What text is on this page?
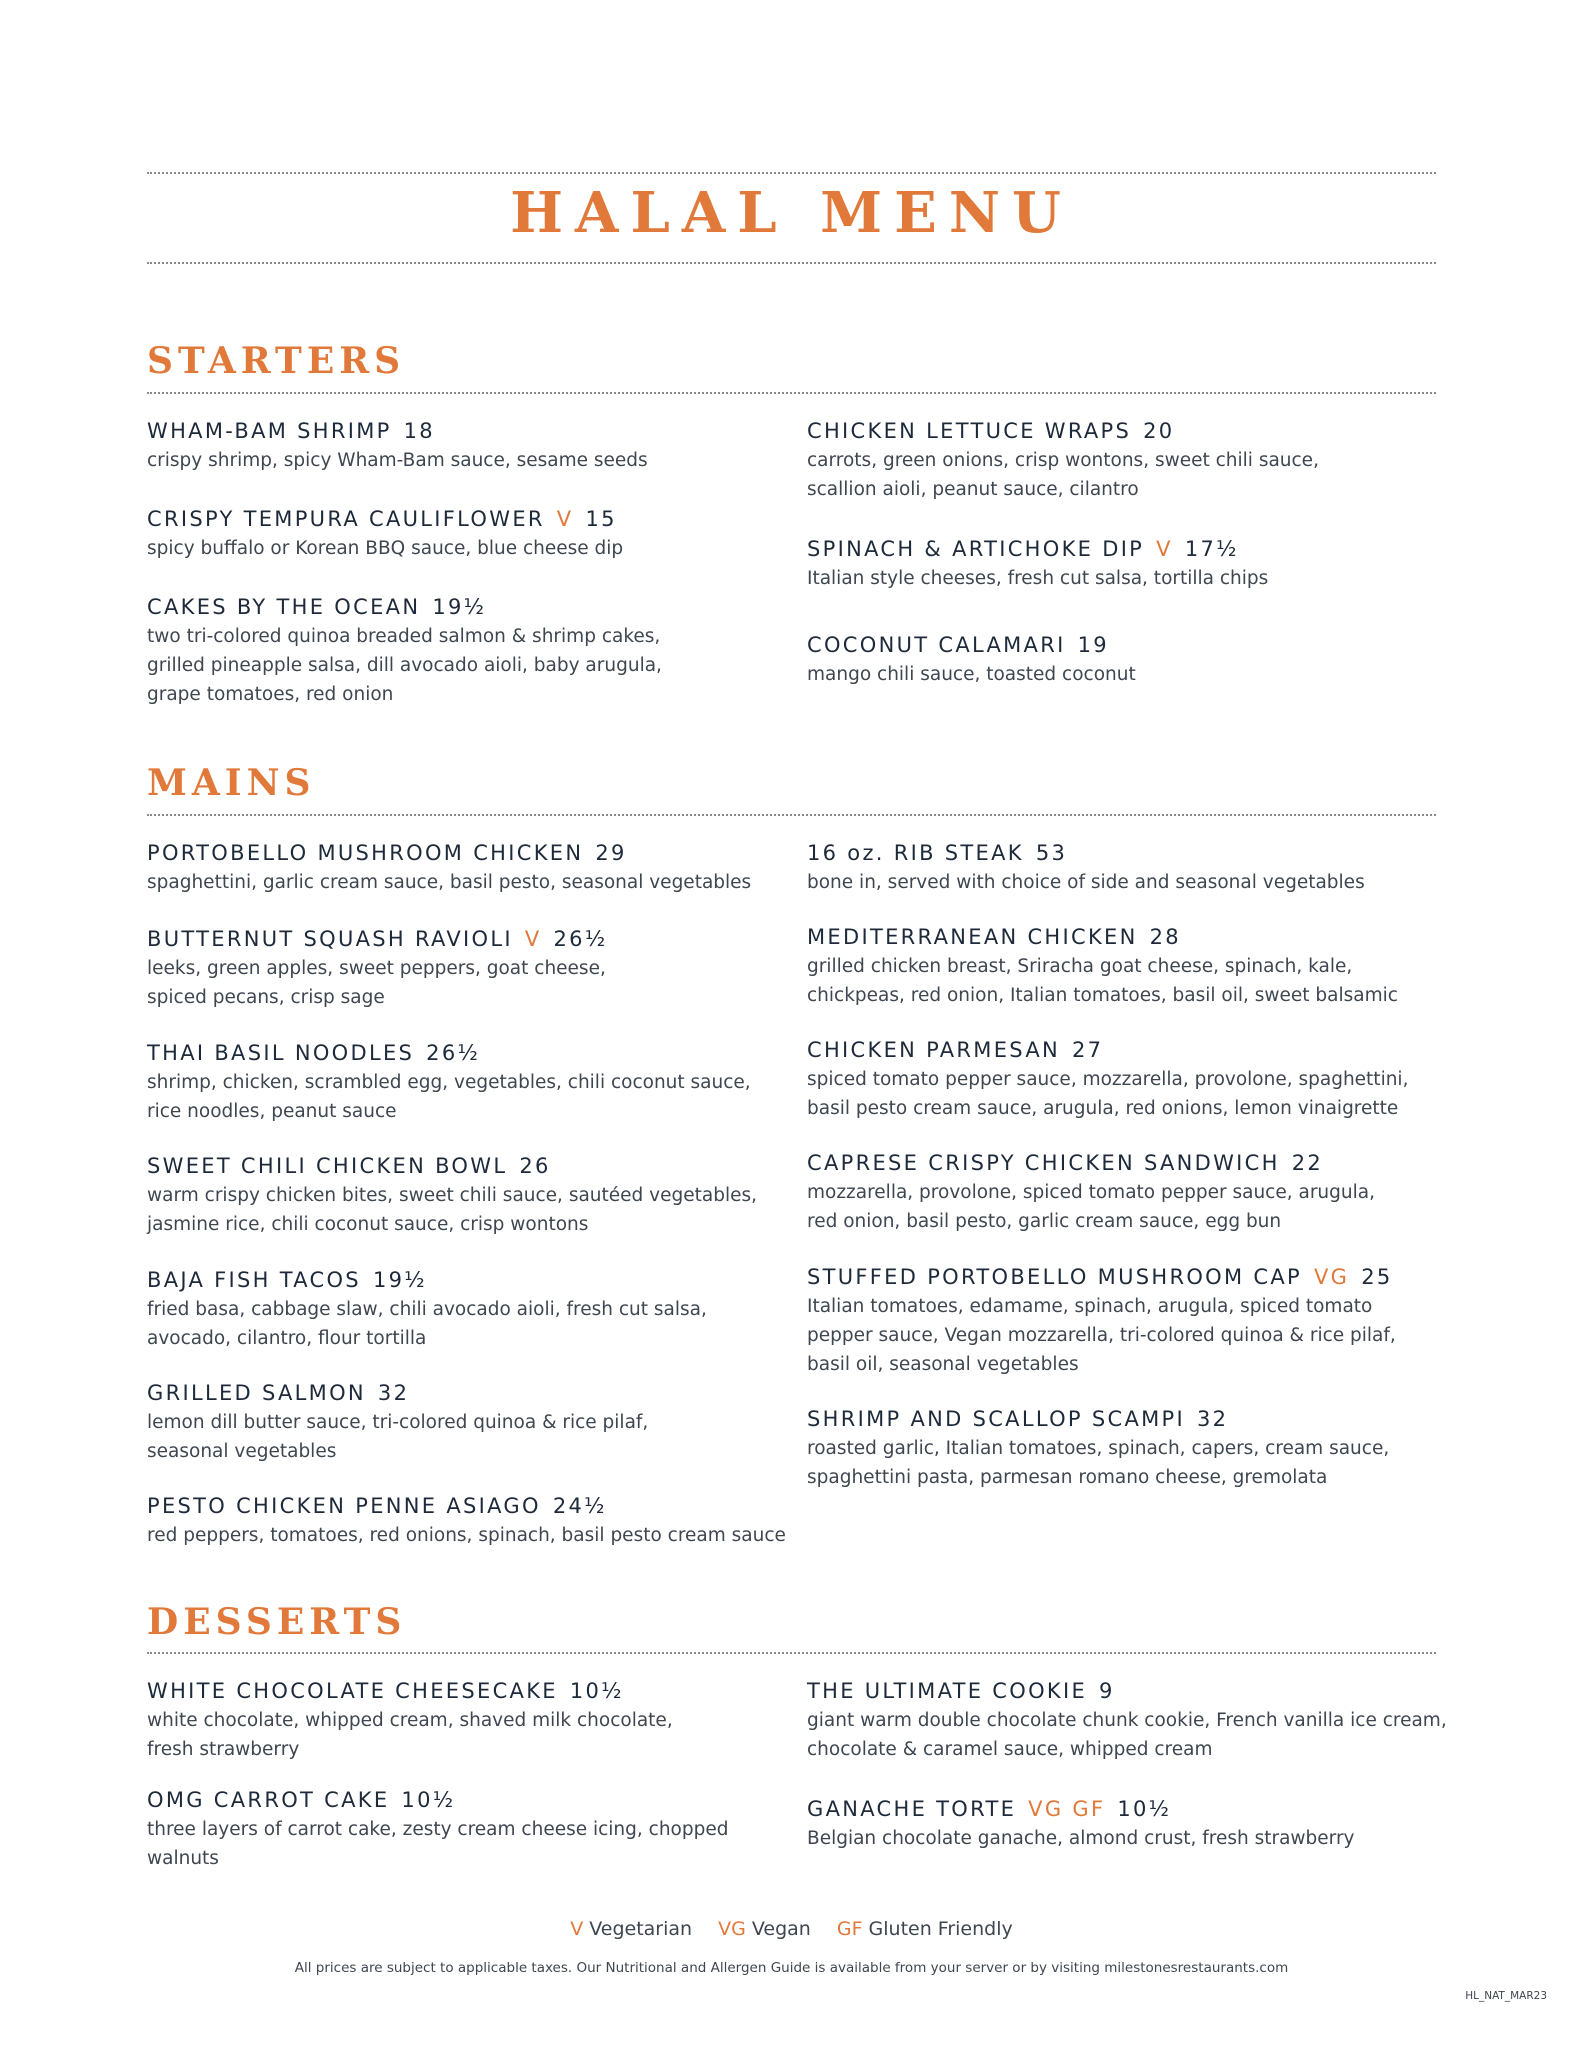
HALAL MENU
STARTERS
WHAM-BAM SHRIMP 18
crispy shrimp, spicy Wham-Bam sauce, sesame seeds
CRISPY TEMPURA CAULIFLOWER V 15
spicy buffalo or Korean BBQ sauce, blue cheese dip
CAKES BY THE OCEAN 19½
two tri-colored quinoa breaded salmon & shrimp cakes,
grilled pineapple salsa, dill avocado aioli, baby arugula,
grape tomatoes, red onion
CHICKEN LETTUCE WRAPS 20
carrots, green onions, crisp wontons, sweet chili sauce,
scallion aioli, peanut sauce, cilantro
SPINACH & ARTICHOKE DIP V 17½
Italian style cheeses, fresh cut salsa, tortilla chips
COCONUT CALAMARI 19
mango chili sauce, toasted coconut
MAINS
PORTOBELLO MUSHROOM CHICKEN 29
spaghettini, garlic cream sauce, basil pesto, seasonal vegetables
BUTTERNUT SQUASH RAVIOLI V 26½
leeks, green apples, sweet peppers, goat cheese,
spiced pecans, crisp sage
THAI BASIL NOODLES 26½
shrimp, chicken, scrambled egg, vegetables, chili coconut sauce,
rice noodles, peanut sauce
SWEET CHILI CHICKEN BOWL 26
warm crispy chicken bites, sweet chili sauce, sautéed vegetables,
jasmine rice, chili coconut sauce, crisp wontons
BAJA FISH TACOS 19½
fried basa, cabbage slaw, chili avocado aioli, fresh cut salsa,
avocado, cilantro, flour tortilla
GRILLED SALMON 32
lemon dill butter sauce, tri-colored quinoa & rice pilaf,
seasonal vegetables
PESTO CHICKEN PENNE ASIAGO 24½
red peppers, tomatoes, red onions, spinach, basil pesto cream sauce
16 oz. RIB STEAK 53
bone in, served with choice of side and seasonal vegetables
MEDITERRANEAN CHICKEN 28
grilled chicken breast, Sriracha goat cheese, spinach, kale,
chickpeas, red onion, Italian tomatoes, basil oil, sweet balsamic
CHICKEN PARMESAN 27
spiced tomato pepper sauce, mozzarella, provolone, spaghettini,
basil pesto cream sauce, arugula, red onions, lemon vinaigrette
CAPRESE CRISPY CHICKEN SANDWICH 22
mozzarella, provolone, spiced tomato pepper sauce, arugula,
red onion, basil pesto, garlic cream sauce, egg bun
STUFFED PORTOBELLO MUSHROOM CAP VG 25
Italian tomatoes, edamame, spinach, arugula, spiced tomato
pepper sauce, Vegan mozzarella, tri-colored quinoa & rice pilaf,
basil oil, seasonal vegetables
SHRIMP AND SCALLOP SCAMPI 32
roasted garlic, Italian tomatoes, spinach, capers, cream sauce,
spaghettini pasta, parmesan romano cheese, gremolata
DESSERTS
WHITE CHOCOLATE CHEESECAKE 10½
white chocolate, whipped cream, shaved milk chocolate,
fresh strawberry
OMG CARROT CAKE 10½
three layers of carrot cake, zesty cream cheese icing, chopped walnuts
THE ULTIMATE COOKIE 9
giant warm double chocolate chunk cookie, French vanilla ice cream,
chocolate & caramel sauce, whipped cream
GANACHE TORTE VG GF 10½
Belgian chocolate ganache, almond crust, fresh strawberry
V Vegetarian VG Vegan GF Gluten Friendly
All prices are subject to applicable taxes. Our Nutritional and Allergen Guide is available from your server or by visiting milestonesrestaurants.com
HL_NAT_MAR23
